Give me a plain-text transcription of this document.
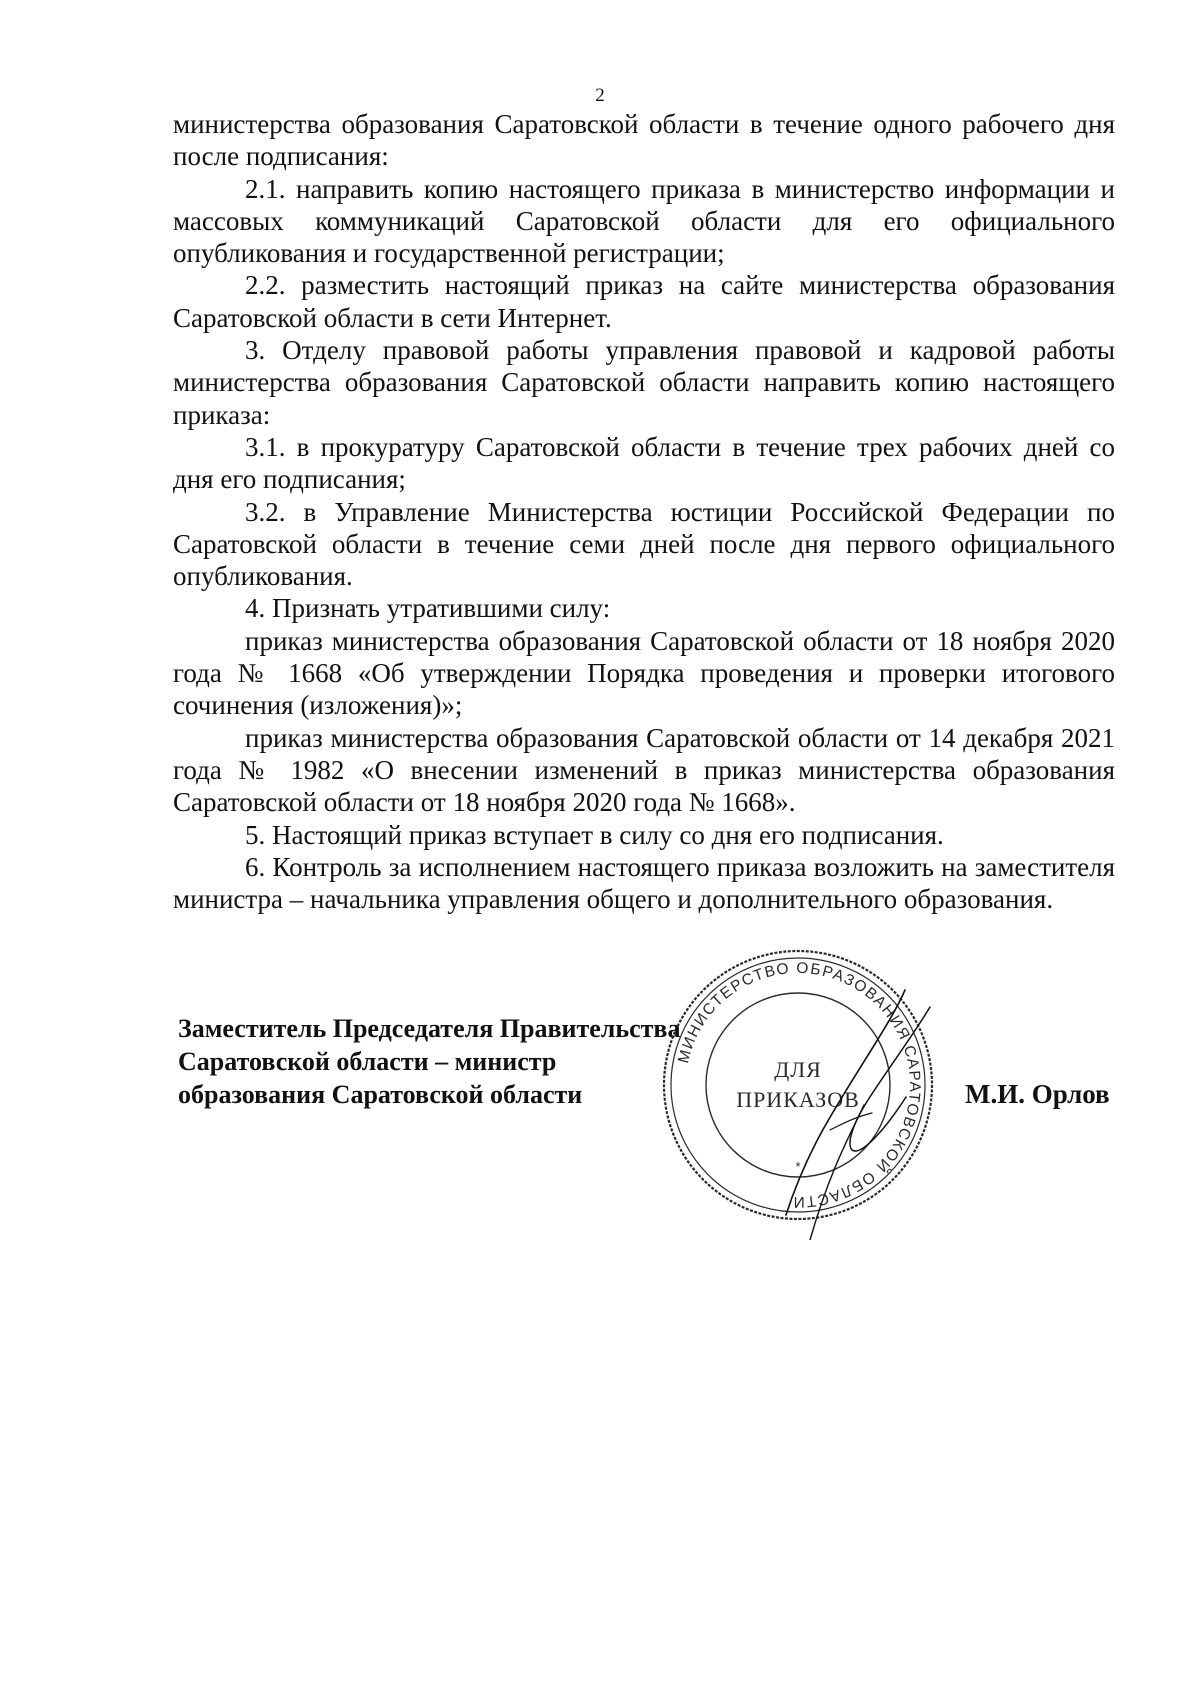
2

министерства образования Саратовской области в течение одного рабочего дня после подписания:

2.1. направить копию настоящего приказа в министерство информации и массовых коммуникаций Саратовской области для его официального опубликования и государственной регистрации;

2.2. разместить настоящий приказ на сайте министерства образования Саратовской области в сети Интернет.

3. Отделу правовой работы управления правовой и кадровой работы министерства образования Саратовской области направить копию настоящего приказа:

3.1. в прокуратуру Саратовской области в течение трех рабочих дней со дня его подписания;

3.2. в Управление Министерства юстиции Российской Федерации по Саратовской области в течение семи дней после дня первого официального опубликования.

4. Признать утратившими силу:

приказ министерства образования Саратовской области от 18 ноября 2020 года № 1668 «Об утверждении Порядка проведения и проверки итогового сочинения (изложения)»;

приказ министерства образования Саратовской области от 14 декабря 2021 года № 1982 «О внесении изменений в приказ министерства образования Саратовской области от 18 ноября 2020 года № 1668».

5. Настоящий приказ вступает в силу со дня его подписания.

6. Контроль за исполнением настоящего приказа возложить на заместителя министра – начальника управления общего и дополнительного образования.

МИНИСТЕРСТВО ОБРАЗОВАНИЯ САРАТОВСКОЙ ОБЛАСТИ
ДЛЯ
ПРИКАЗОВ
*
Заместитель Председателя Правительства
Саратовской области – министр
образования Саратовской области	М.И. Орлов
